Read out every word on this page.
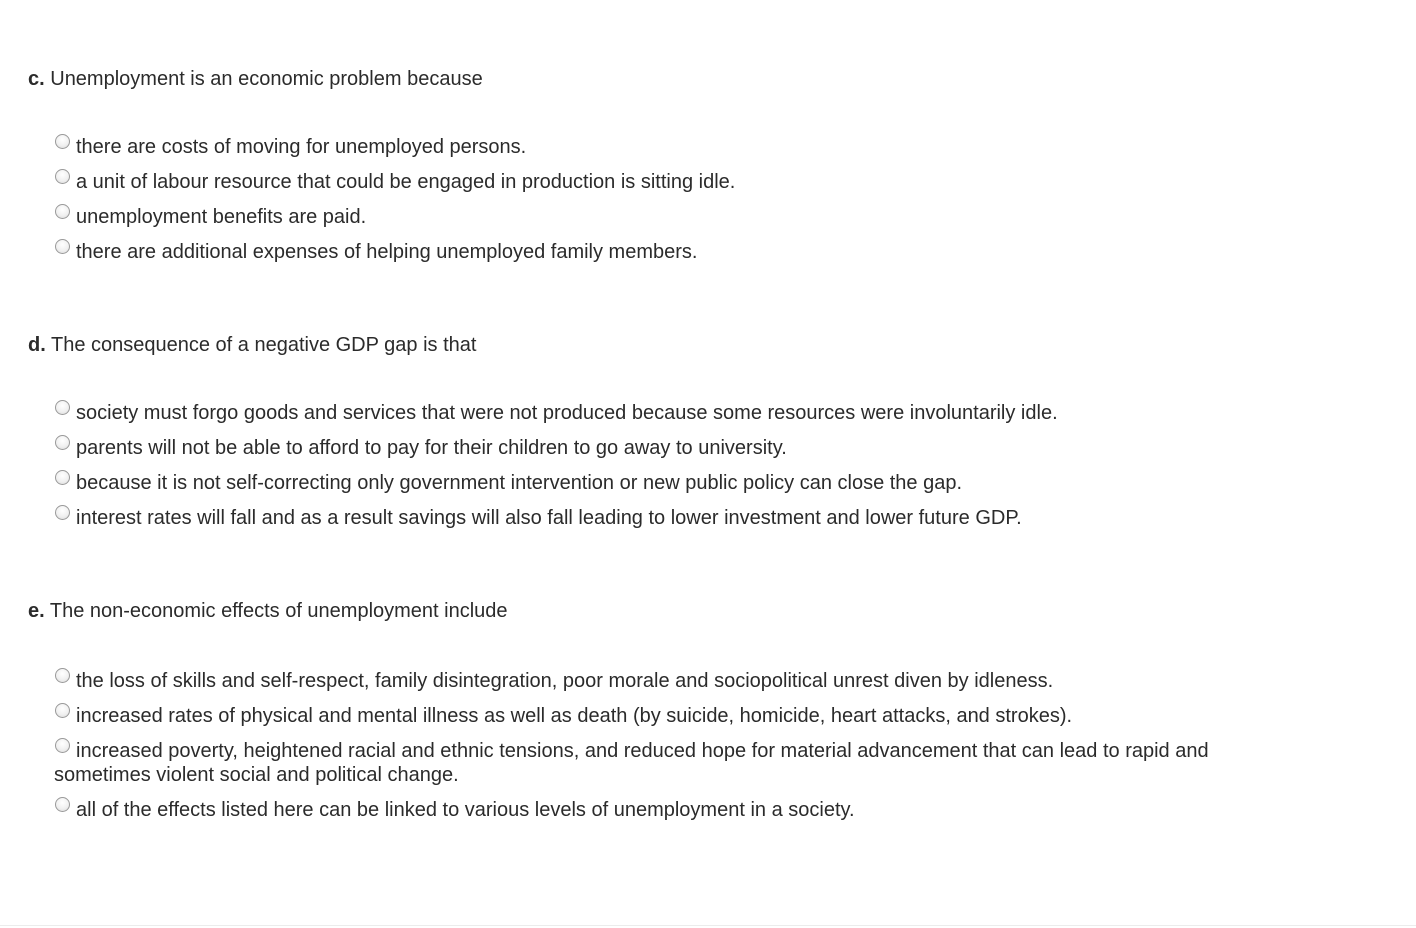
c. Unemployment is an economic problem because

there are costs of moving for unemployed persons.
a unit of labour resource that could be engaged in production is sitting idle.
unemployment benefits are paid.
there are additional expenses of helping unemployed family members.

d. The consequence of a negative GDP gap is that

society must forgo goods and services that were not produced because some resources were involuntarily idle.
parents will not be able to afford to pay for their children to go away to university.
because it is not self-correcting only government intervention or new public policy can close the gap.
interest rates will fall and as a result savings will also fall leading to lower investment and lower future GDP.

e. The non-economic effects of unemployment include

the loss of skills and self-respect, family disintegration, poor morale and sociopolitical unrest diven by idleness.
increased rates of physical and mental illness as well as death (by suicide, homicide, heart attacks, and strokes).
increased poverty, heightened racial and ethnic tensions, and reduced hope for material advancement that can lead to rapid and sometimes violent social and political change.
all of the effects listed here can be linked to various levels of unemployment in a society.
